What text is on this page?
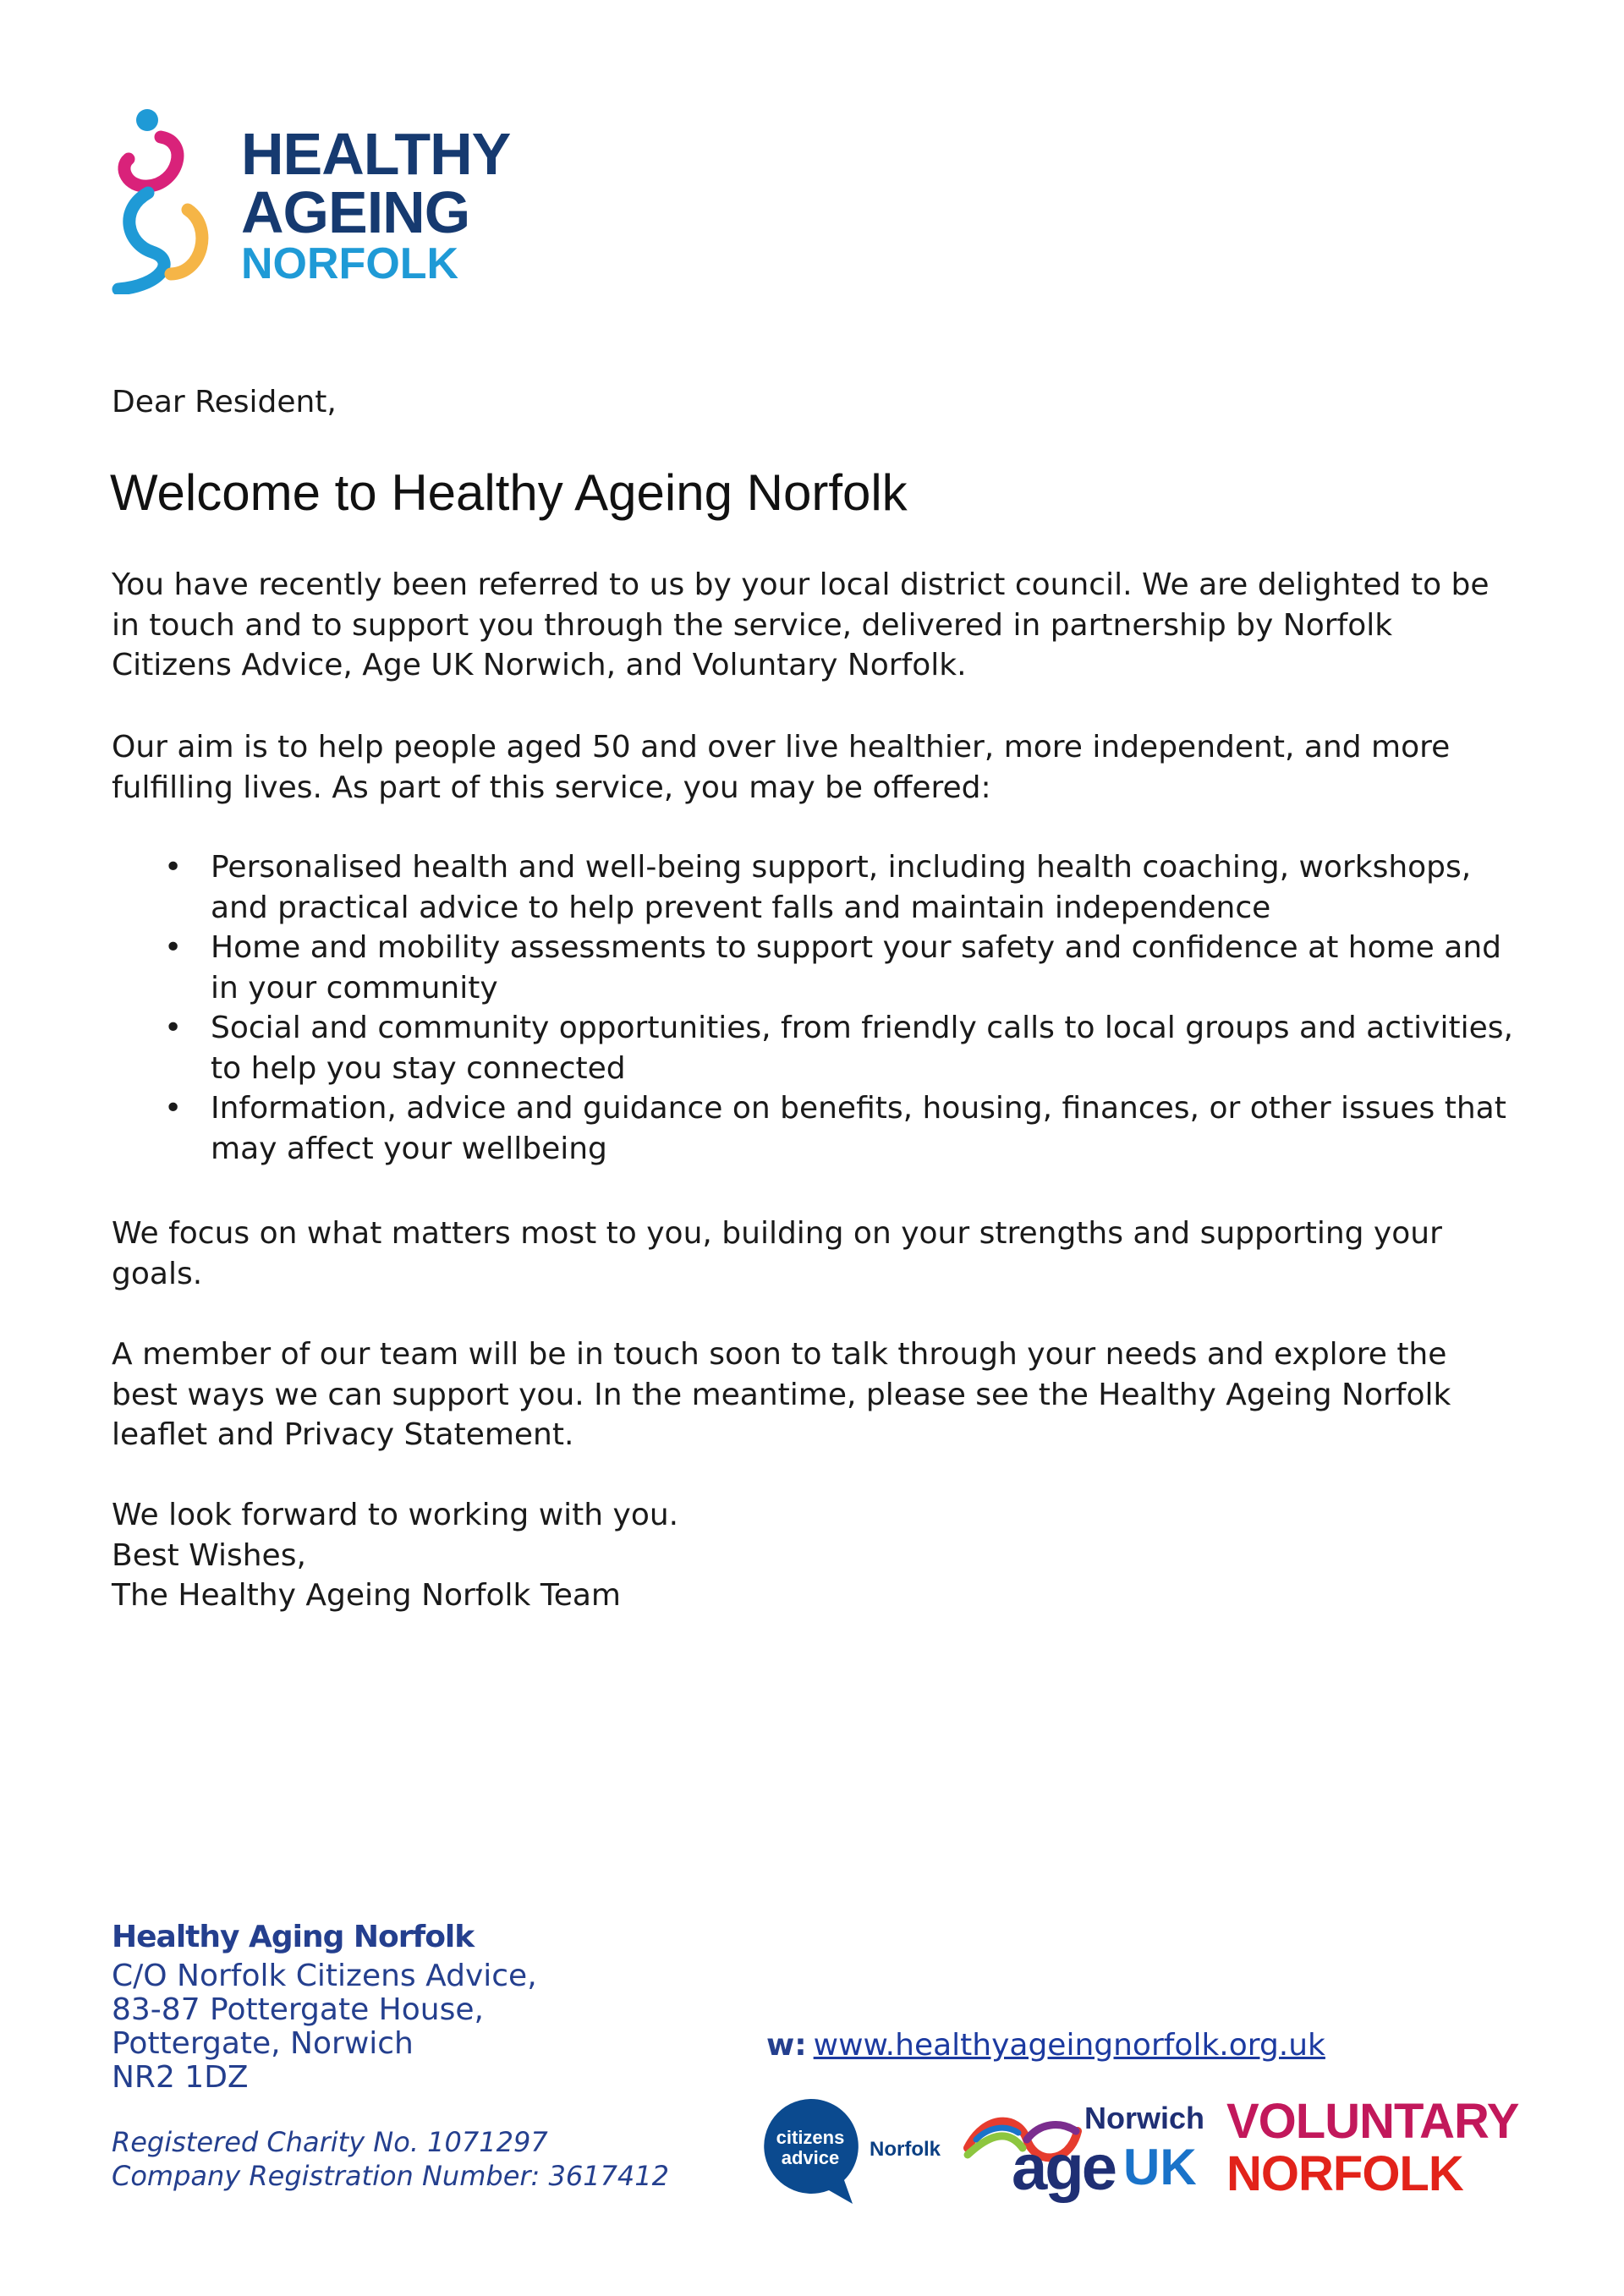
HEALTHY
AGEING
NORFOLK
Dear Resident,
Welcome to Healthy Ageing Norfolk

You have recently been referred to us by your local district council. We are delighted to be in touch and to support you through the service, delivered in partnership by Norfolk Citizens Advice, Age UK Norwich, and Voluntary Norfolk.

Our aim is to help people aged 50 and over live healthier, more independent, and more fulfilling lives. As part of this service, you may be offered:

• Personalised health and well-being support, including health coaching, workshops, and practical advice to help prevent falls and maintain independence
• Home and mobility assessments to support your safety and confidence at home and in your community
• Social and community opportunities, from friendly calls to local groups and activities, to help you stay connected
• Information, advice and guidance on benefits, housing, finances, or other issues that may affect your wellbeing

We focus on what matters most to you, building on your strengths and supporting your goals.

A member of our team will be in touch soon to talk through your needs and explore the best ways we can support you. In the meantime, please see the Healthy Ageing Norfolk leaflet and Privacy Statement.

We look forward to working with you.
Best Wishes,
The Healthy Ageing Norfolk Team
Healthy Aging Norfolk
C/O Norfolk Citizens Advice,
83-87 Pottergate House,
Pottergate, Norwich
NR2 1DZ
Registered Charity No. 1071297
Company Registration Number: 3617412
w: www.healthyageingnorfolk.org.uk
citizens
advice	Norfolk
Norwich
age UK
VOLUNTARY
NORFOLK
